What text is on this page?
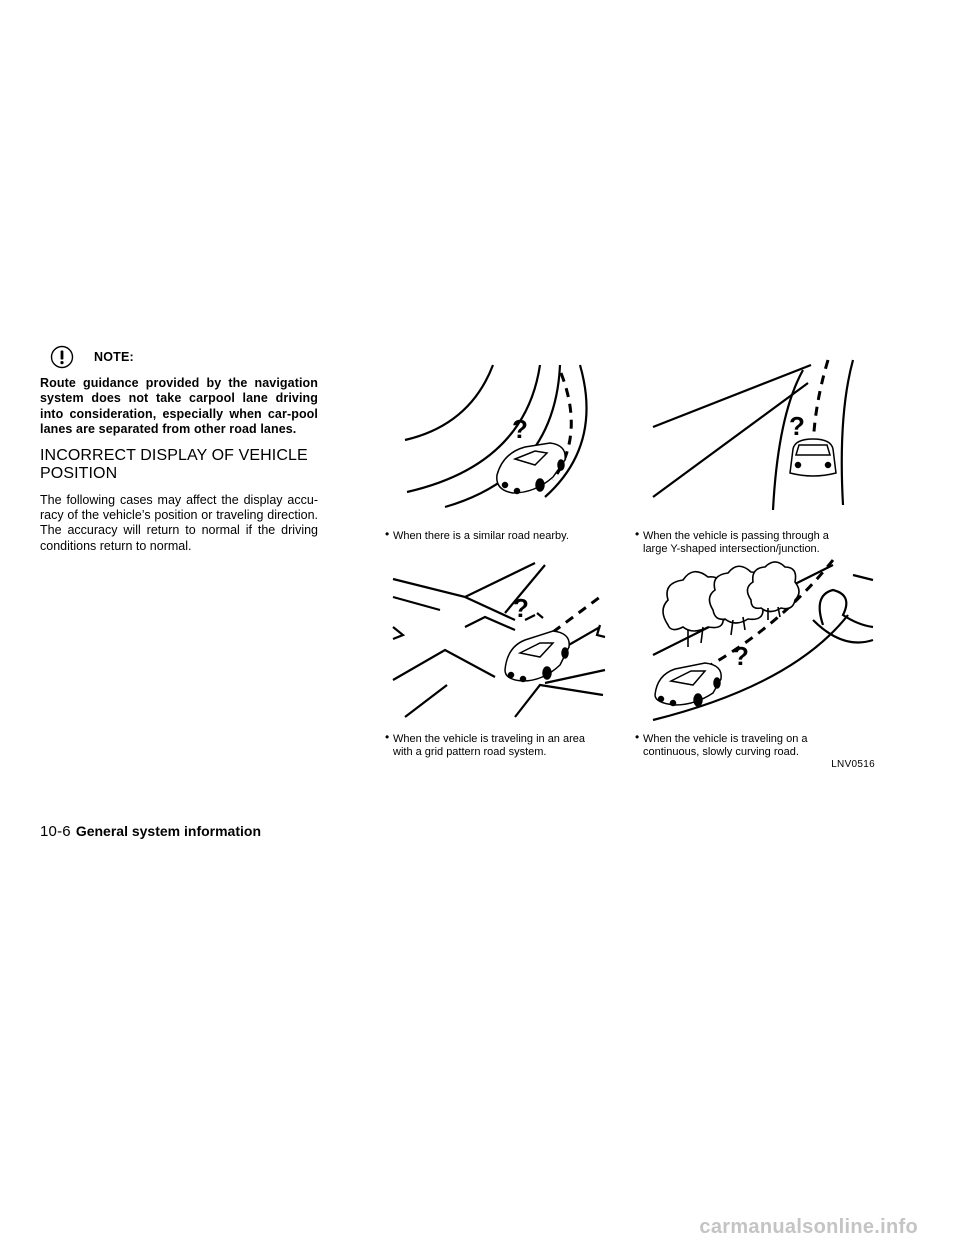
NOTE:
Route guidance provided by the navigation system does not take carpool lane driving into consideration, especially when car-pool lanes are separated from other road lanes.
INCORRECT DISPLAY OF VEHICLE
POSITION
The following cases may affect the display accu-racy of the vehicle’s position or traveling direction. The accuracy will return to normal if the driving conditions return to normal.
?
• When there is a similar road nearby.
?
• When the vehicle is passing through a
large Y-shaped intersection/junction.
?
• When the vehicle is traveling in an area
with a grid pattern road system.
?
• When the vehicle is traveling on a
continuous, slowly curving road.
LNV0516
10-6 General system information
carmanualsonline.info
